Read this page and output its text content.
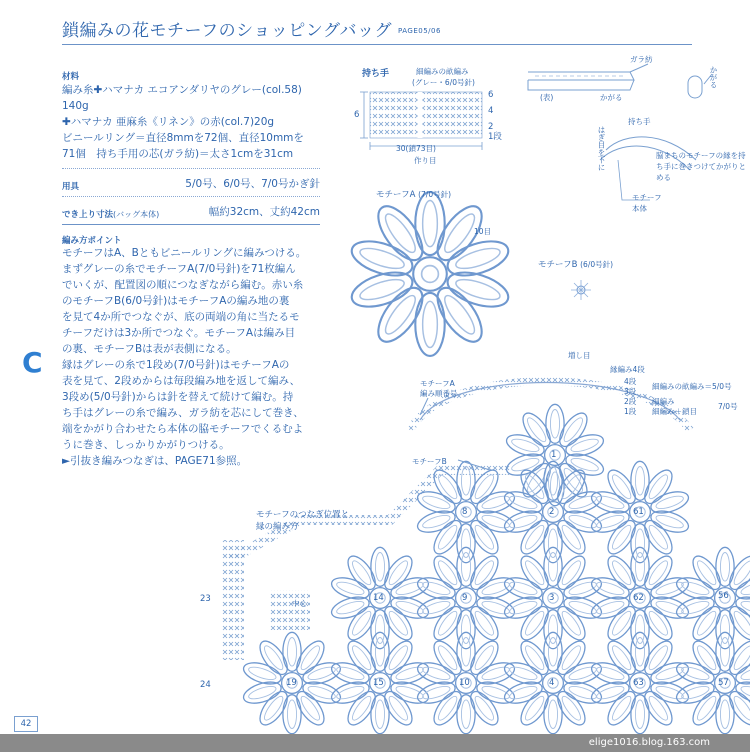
鎖編みの花モチーフのショッピングバッグ PAGE05/06
材料
編み糸✚ハマナカ エコアンダリヤのグレー(col.58)
140g
✚ハマナカ 亜麻糸《リネン》の赤(col.7)20g
ビニールリング＝直径8mmを72個、直径10mmを
71個　持ち手用の芯(ガラ紡)＝太さ1cmを31cm
用具	5/0号、6/0号、7/0号かぎ針
でき上り寸法(バッグ本体)	幅約32cm、丈約42cm
編み方ポイント
モチーフはA、Bともビニールリングに編みつける。
まずグレーの糸でモチーフA(7/0号針)を71枚編ん
でいくが、配置図の順につなぎながら編む。赤い糸
のモチーフB(6/0号針)はモチーフAの編み地の裏
を見て4か所でつなぐが、底の両端の角に当たるモ
チーフだけは3か所でつなぐ。モチーフAは編み目
の裏、モチーフBは表が表側になる。
縁はグレーの糸で1段め(7/0号針)はモチーフAの
表を見て、2段めからは毎段編み地を返して編み、
3段め(5/0号針)からは針を替えて続けて編む。持
ち手はグレーの糸で編み、ガラ紡を芯にして巻き、
端をかがり合わせたら本体の脇モチーフでくるむよ
うに巻き、しっかりかがりつける。
►引抜き編みつなぎは、PAGE71参照。
C
持ち手	細編みの畝編み
(グレー・6/0号針)
6
4
2
1段
6
30(鎖73目)
作り目
ガラ紡
(表)	かがる
かがる
持ち手
はぎ目を下に	脇まちのモチーフの縁を持ち手に巻きつけてかがりとめる
モチーフ本体
モチーフA (7/0号針)
10目
モチーフB (6/0号針)
増し目
縁編み4段
モチーフA
編み順番号
モチーフB
モチーフのつなぎ位置と
縁の編み方
中心
4段
3段
2段
1段
細編みの畝編み＝5/0号
細編み
細編み＋鎖目
7/0号
23
24
56
57
1
8	2	61
14	9	3	62
19	15	10	4	63
42
elige1016.blog.163.com
